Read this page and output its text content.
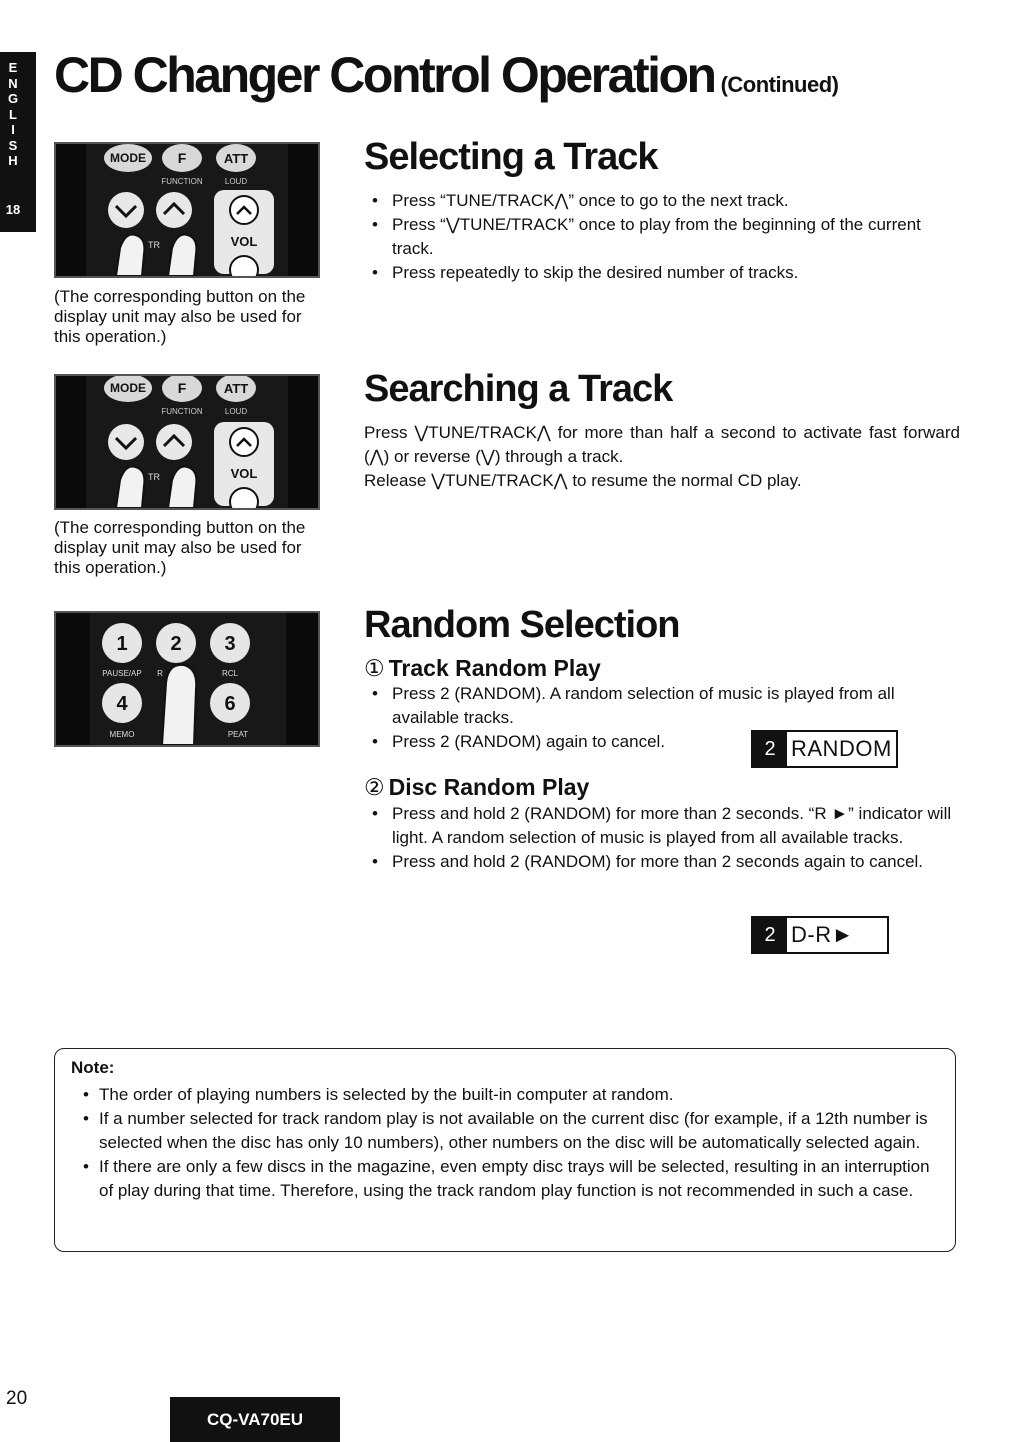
E
N
G
L
I
S
H
18
CD Changer Control Operation (Continued)
MODE F	ATT
FUNCTION	LOUD
VOL
TR
(The corresponding button on the display unit may also be used for this operation.)
MODE F	ATT
FUNCTION	LOUD
VOL
TR
(The corresponding button on the display unit may also be used for this operation.)
1 2 3
PAUSE/AP R	RCL
4	6
MEMO	PEAT
Selecting a Track
• Press “TUNE/TRACK⋀” once to go to the next track.
• Press “⋁TUNE/TRACK” once to play from the beginning of the current track.
• Press repeatedly to skip the desired number of tracks.
Searching a Track

Press ⋁TUNE/TRACK⋀ for more than half a second to activate fast forward (⋀) or reverse (⋁) through a track.

Release ⋁TUNE/TRACK⋀ to resume the normal CD play.

Random Selection
① Track Random Play
• Press 2 (RANDOM). A random selection of music is played from all available tracks.
• Press 2 (RANDOM) again to cancel.	2 RANDOM
② Disc Random Play
• Press and hold 2 (RANDOM) for more than 2 seconds. “R ►” indicator will light. A random selection of music is played from all available tracks.
• Press and hold 2 (RANDOM) for more than 2 seconds again to cancel.
2 D-R►
Note:
• The order of playing numbers is selected by the built-in computer at random.
• If a number selected for track random play is not available on the current disc (for example, if a 12th number is selected when the disc has only 10 numbers), other numbers on the disc will be automatically selected again.
• If there are only a few discs in the magazine, even empty disc trays will be selected, resulting in an interruption of play during that time. Therefore, using the track random play function is not recommended in such a case.
20
CQ-VA70EU
